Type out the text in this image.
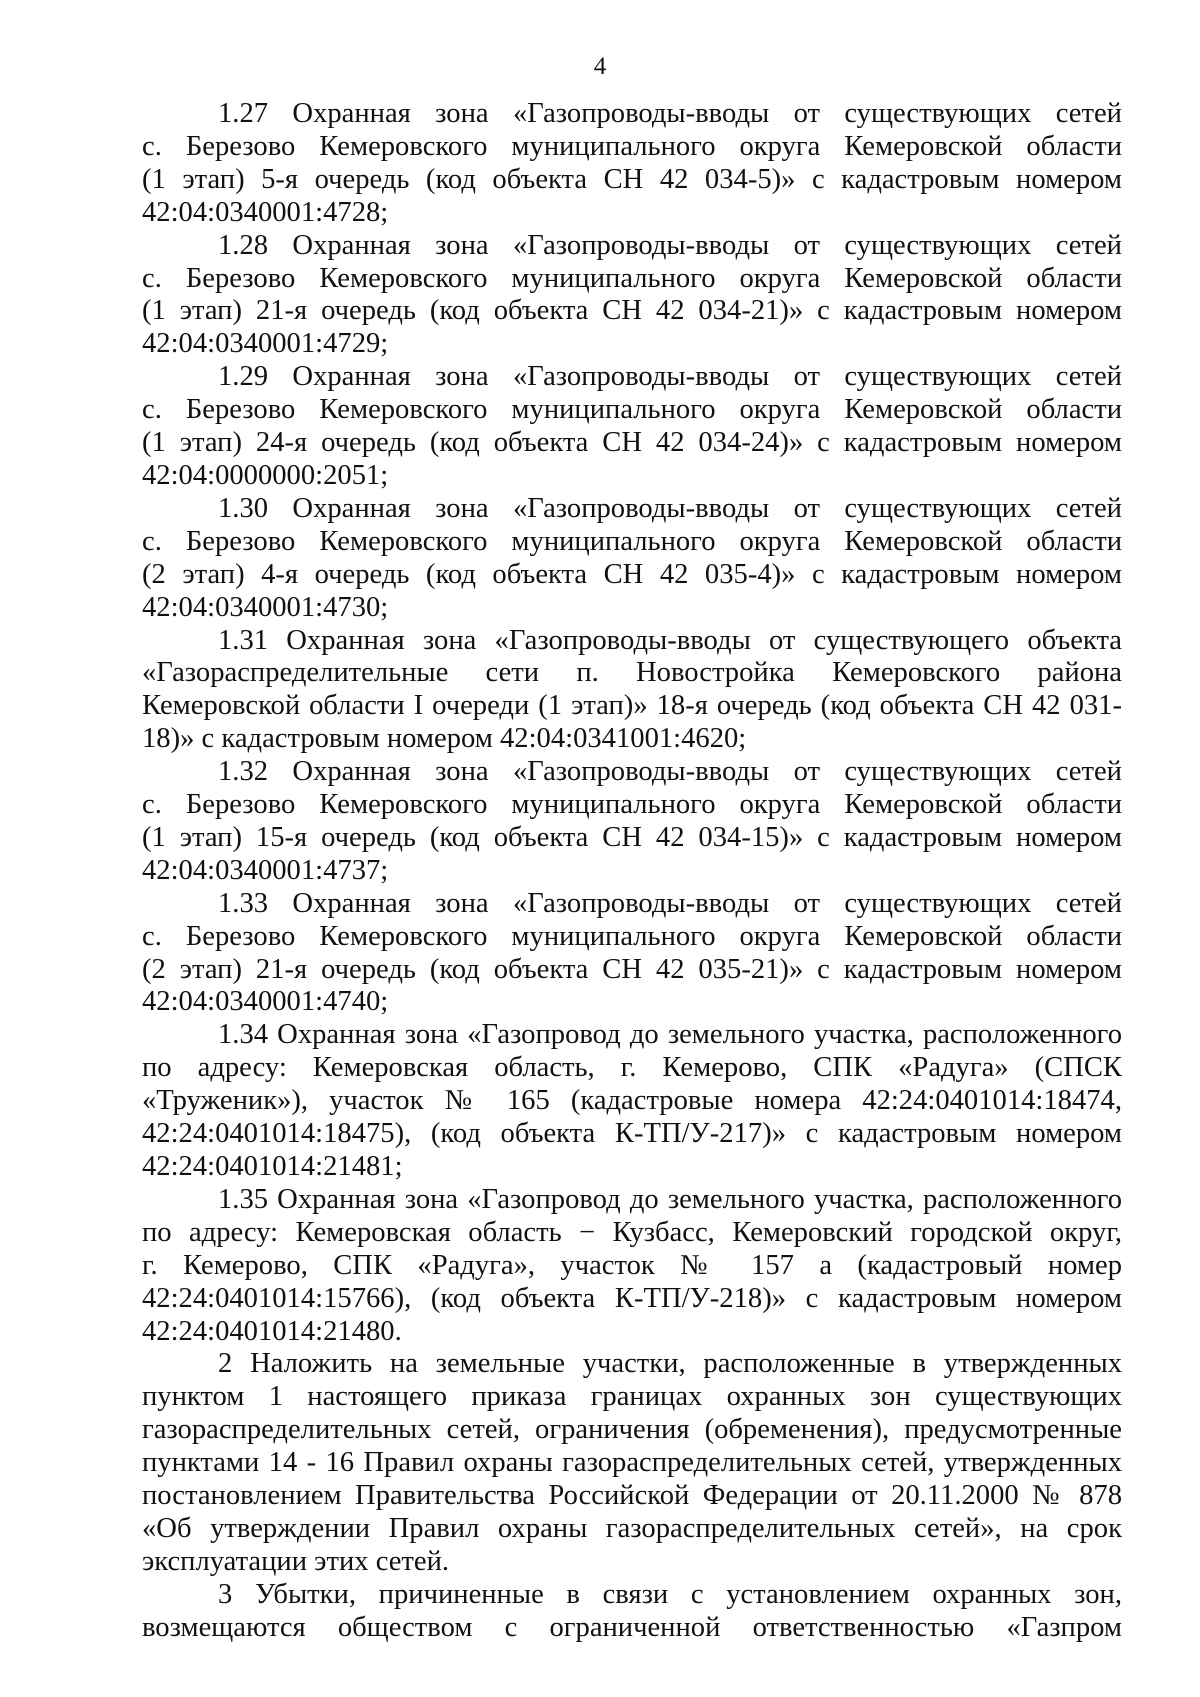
4
1.27 Охранная зона «Газопроводы-вводы от существующих сетей
с. Березово Кемеровского муниципального округа Кемеровской области
(1 этап) 5-я очередь (код объекта СН 42 034-5)» с кадастровым номером
42:04:0340001:4728;
1.28 Охранная зона «Газопроводы-вводы от существующих сетей
с. Березово Кемеровского муниципального округа Кемеровской области
(1 этап) 21-я очередь (код объекта СН 42 034-21)» с кадастровым номером
42:04:0340001:4729;
1.29 Охранная зона «Газопроводы-вводы от существующих сетей
с. Березово Кемеровского муниципального округа Кемеровской области
(1 этап) 24-я очередь (код объекта СН 42 034-24)» с кадастровым номером
42:04:0000000:2051;
1.30 Охранная зона «Газопроводы-вводы от существующих сетей
с. Березово Кемеровского муниципального округа Кемеровской области
(2 этап) 4-я очередь (код объекта СН 42 035-4)» с кадастровым номером
42:04:0340001:4730;
1.31 Охранная зона «Газопроводы-вводы от существующего объекта
«Газораспределительные сети п. Новостройка Кемеровского района
Кемеровской области I очереди (1 этап)» 18-я очередь (код объекта СН 42 031-
18)» с кадастровым номером 42:04:0341001:4620;
1.32 Охранная зона «Газопроводы-вводы от существующих сетей
с. Березово Кемеровского муниципального округа Кемеровской области
(1 этап) 15-я очередь (код объекта СН 42 034-15)» с кадастровым номером
42:04:0340001:4737;
1.33 Охранная зона «Газопроводы-вводы от существующих сетей
с. Березово Кемеровского муниципального округа Кемеровской области
(2 этап) 21-я очередь (код объекта СН 42 035-21)» с кадастровым номером
42:04:0340001:4740;
1.34 Охранная зона «Газопровод до земельного участка, расположенного
по адресу: Кемеровская область, г. Кемерово, СПК «Радуга» (СПСК
«Труженик»), участок № 165 (кадастровые номера 42:24:0401014:18474,
42:24:0401014:18475), (код объекта К-ТП/У-217)» с кадастровым номером
42:24:0401014:21481;
1.35 Охранная зона «Газопровод до земельного участка, расположенного
по адресу: Кемеровская область − Кузбасс, Кемеровский городской округ,
г. Кемерово, СПК «Радуга», участок № 157 а (кадастровый номер
42:24:0401014:15766), (код объекта К-ТП/У-218)» с кадастровым номером
42:24:0401014:21480.
2 Наложить на земельные участки, расположенные в утвержденных
пунктом 1 настоящего приказа границах охранных зон существующих
газораспределительных сетей, ограничения (обременения), предусмотренные
пунктами 14 - 16 Правил охраны газораспределительных сетей, утвержденных
постановлением Правительства Российской Федерации от 20.11.2000 № 878
«Об утверждении Правил охраны газораспределительных сетей», на срок
эксплуатации этих сетей.
3 Убытки, причиненные в связи с установлением охранных зон,
возмещаются обществом с ограниченной ответственностью «Газпром
